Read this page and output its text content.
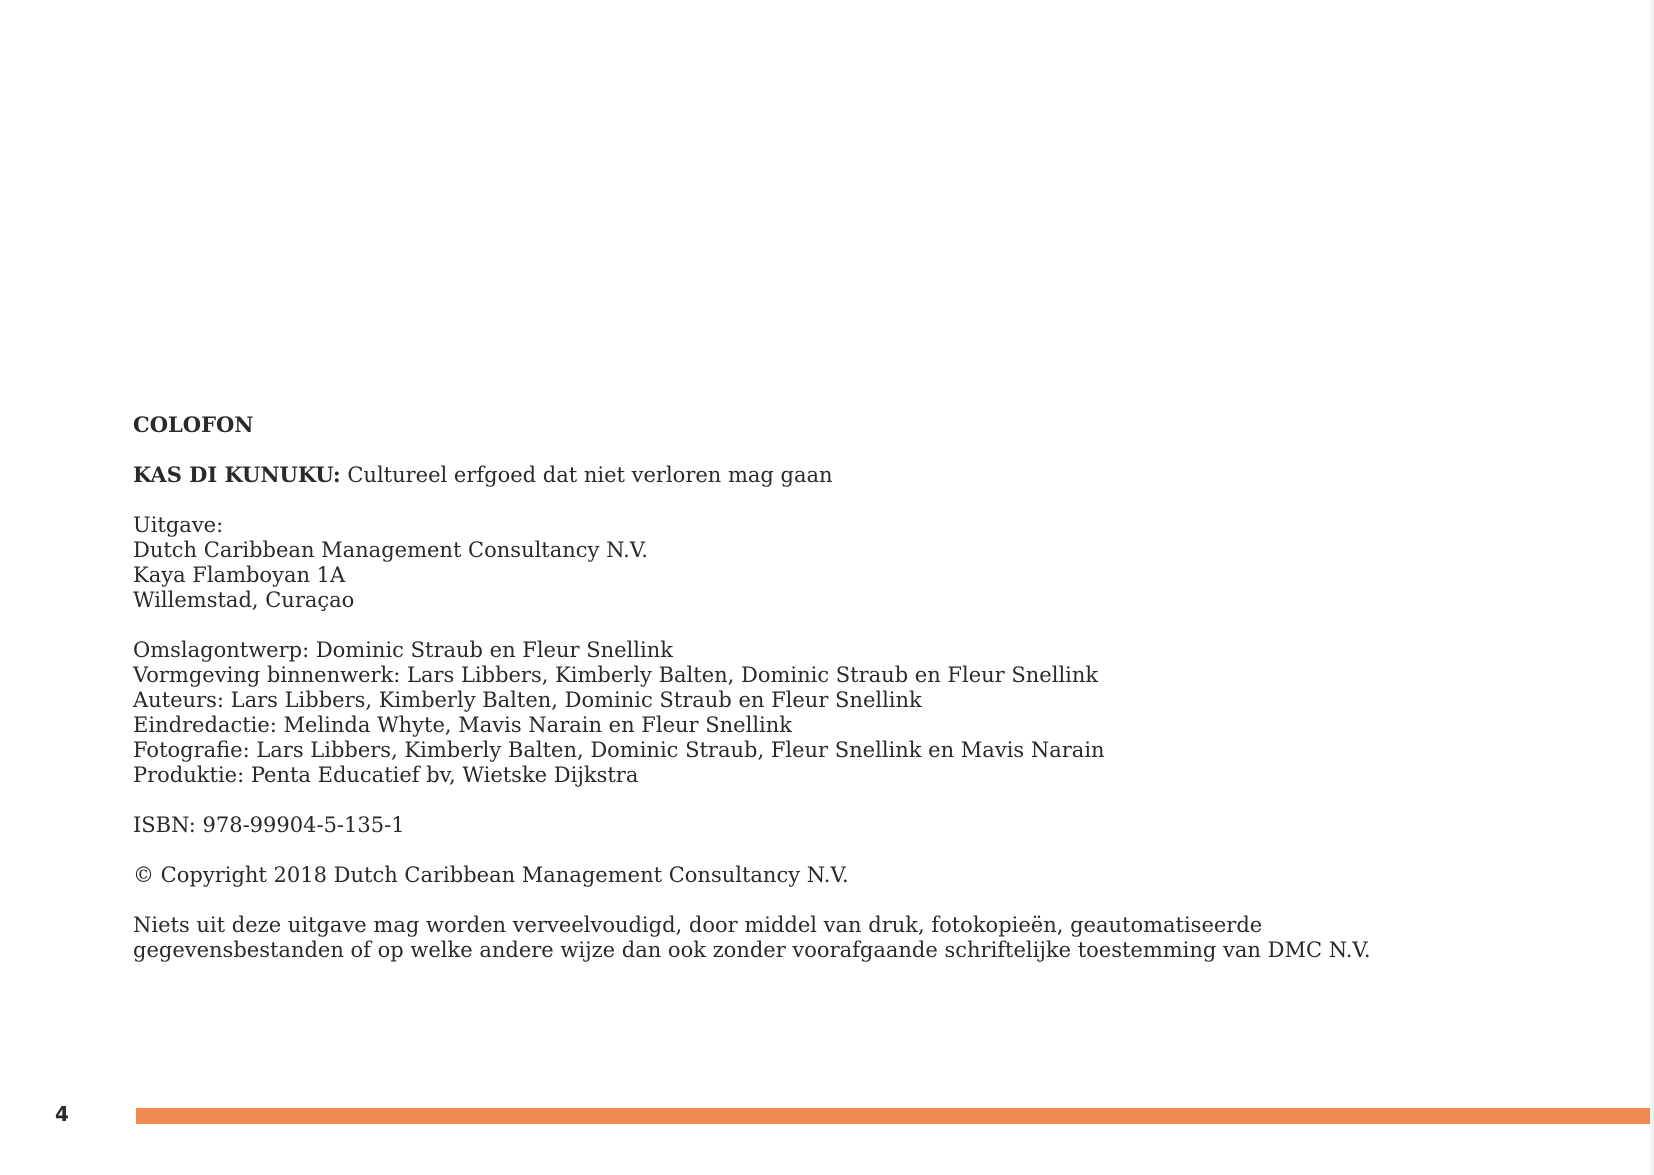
COLOFON
KAS DI KUNUKU: Cultureel erfgoed dat niet verloren mag gaan
Uitgave:
Dutch Caribbean Management Consultancy N.V.
Kaya Flamboyan 1A
Willemstad, Curaçao
Omslagontwerp: Dominic Straub en Fleur Snellink
Vormgeving binnenwerk: Lars Libbers, Kimberly Balten, Dominic Straub en Fleur Snellink
Auteurs: Lars Libbers, Kimberly Balten, Dominic Straub en Fleur Snellink
Eindredactie: Melinda Whyte, Mavis Narain en Fleur Snellink
Fotografie: Lars Libbers, Kimberly Balten, Dominic Straub, Fleur Snellink en Mavis Narain
Produktie: Penta Educatief bv, Wietske Dijkstra
ISBN: 978-99904-5-135-1
© Copyright 2018 Dutch Caribbean Management Consultancy N.V.
Niets uit deze uitgave mag worden verveelvoudigd, door middel van druk, fotokopieën, geautomatiseerde
gegevensbestanden of op welke andere wijze dan ook zonder voorafgaande schriftelijke toestemming van DMC N.V.
4
